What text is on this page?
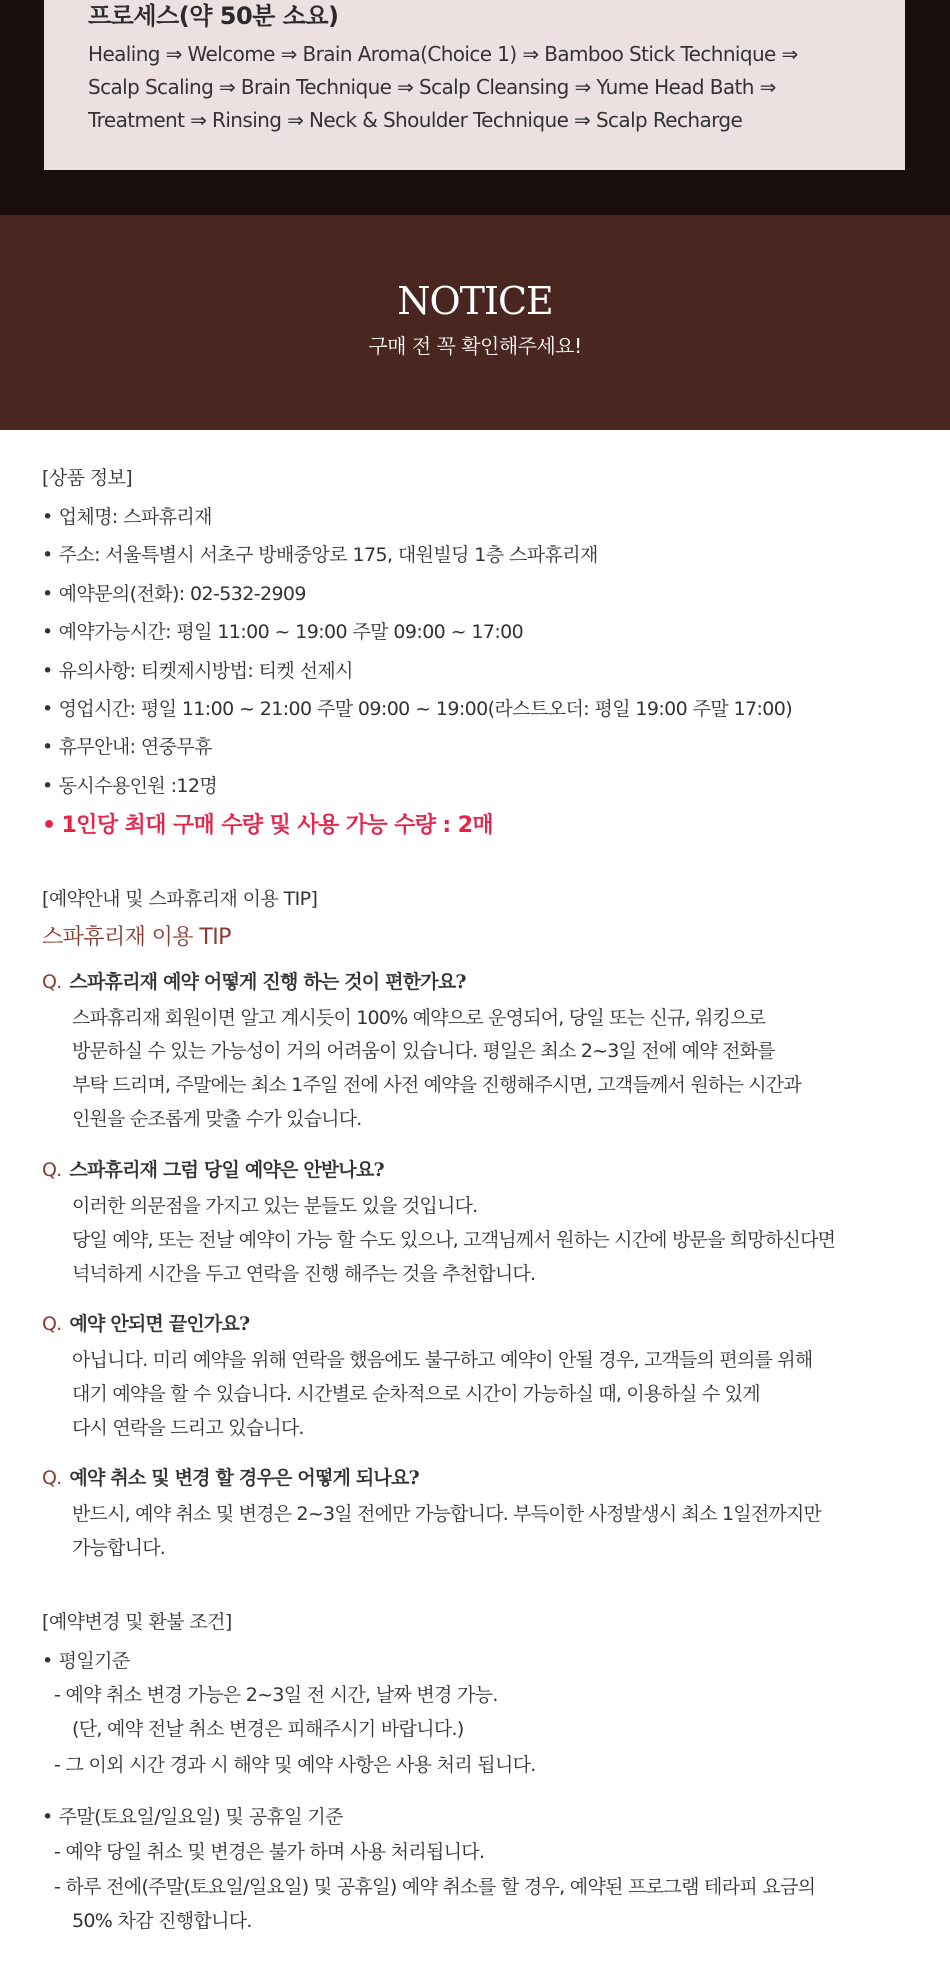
프로세스(약 50분 소요)
Healing ⇒ Welcome ⇒ Brain Aroma(Choice 1) ⇒ Bamboo Stick Technique ⇒
Scalp Scaling ⇒ Brain Technique ⇒ Scalp Cleansing ⇒ Yume Head Bath ⇒
Treatment ⇒ Rinsing ⇒ Neck & Shoulder Technique ⇒ Scalp Recharge
NOTICE
구매 전 꼭 확인해주세요!
[상품 정보]
• 업체명: 스파휴리재
• 주소: 서울특별시 서초구 방배중앙로 175, 대원빌딩 1층 스파휴리재
• 예약문의(전화): 02-532-2909
• 예약가능시간: 평일 11:00 ~ 19:00 주말 09:00 ~ 17:00
• 유의사항: 티켓제시방법: 티켓 선제시
• 영업시간: 평일 11:00 ~ 21:00 주말 09:00 ~ 19:00(라스트오더: 평일 19:00 주말 17:00)
• 휴무안내: 연중무휴
• 동시수용인원 :12명
• 1인당 최대 구매 수량 및 사용 가능 수량 : 2매
[예약안내 및 스파휴리재 이용 TIP]
스파휴리재 이용 TIP
Q. 스파휴리재 예약 어떻게 진행 하는 것이 편한가요?
스파휴리재 회원이면 알고 계시듯이 100% 예약으로 운영되어, 당일 또는 신규, 워킹으로
방문하실 수 있는 가능성이 거의 어려움이 있습니다. 평일은 최소 2~3일 전에 예약 전화를
부탁 드리며, 주말에는 최소 1주일 전에 사전 예약을 진행해주시면, 고객들께서 원하는 시간과
인원을 순조롭게 맞출 수가 있습니다.
Q. 스파휴리재 그럼 당일 예약은 안받나요?
이러한 의문점을 가지고 있는 분들도 있을 것입니다.
당일 예약, 또는 전날 예약이 가능 할 수도 있으나, 고객님께서 원하는 시간에 방문을 희망하신다면
넉넉하게 시간을 두고 연락을 진행 해주는 것을 추천합니다.
Q. 예약 안되면 끝인가요?
아닙니다. 미리 예약을 위해 연락을 했음에도 불구하고 예약이 안될 경우, 고객들의 편의를 위해
대기 예약을 할 수 있습니다. 시간별로 순차적으로 시간이 가능하실 때, 이용하실 수 있게
다시 연락을 드리고 있습니다.
Q. 예약 취소 및 변경 할 경우은 어떻게 되나요?
반드시, 예약 취소 및 변경은 2~3일 전에만 가능합니다. 부득이한 사정발생시 최소 1일전까지만
가능합니다.
[예약변경 및 환불 조건]
• 평일기준
- 예약 취소 변경 가능은 2~3일 전 시간, 날짜 변경 가능.
(단, 예약 전날 취소 변경은 피해주시기 바랍니다.)
- 그 이외 시간 경과 시 해약 및 예약 사항은 사용 처리 됩니다.
• 주말(토요일/일요일) 및 공휴일 기준
- 예약 당일 취소 및 변경은 불가 하며 사용 처리됩니다.
- 하루 전에(주말(토요일/일요일) 및 공휴일) 예약 취소를 할 경우, 예약된 프로그램 테라피 요금의
50% 차감 진행합니다.
